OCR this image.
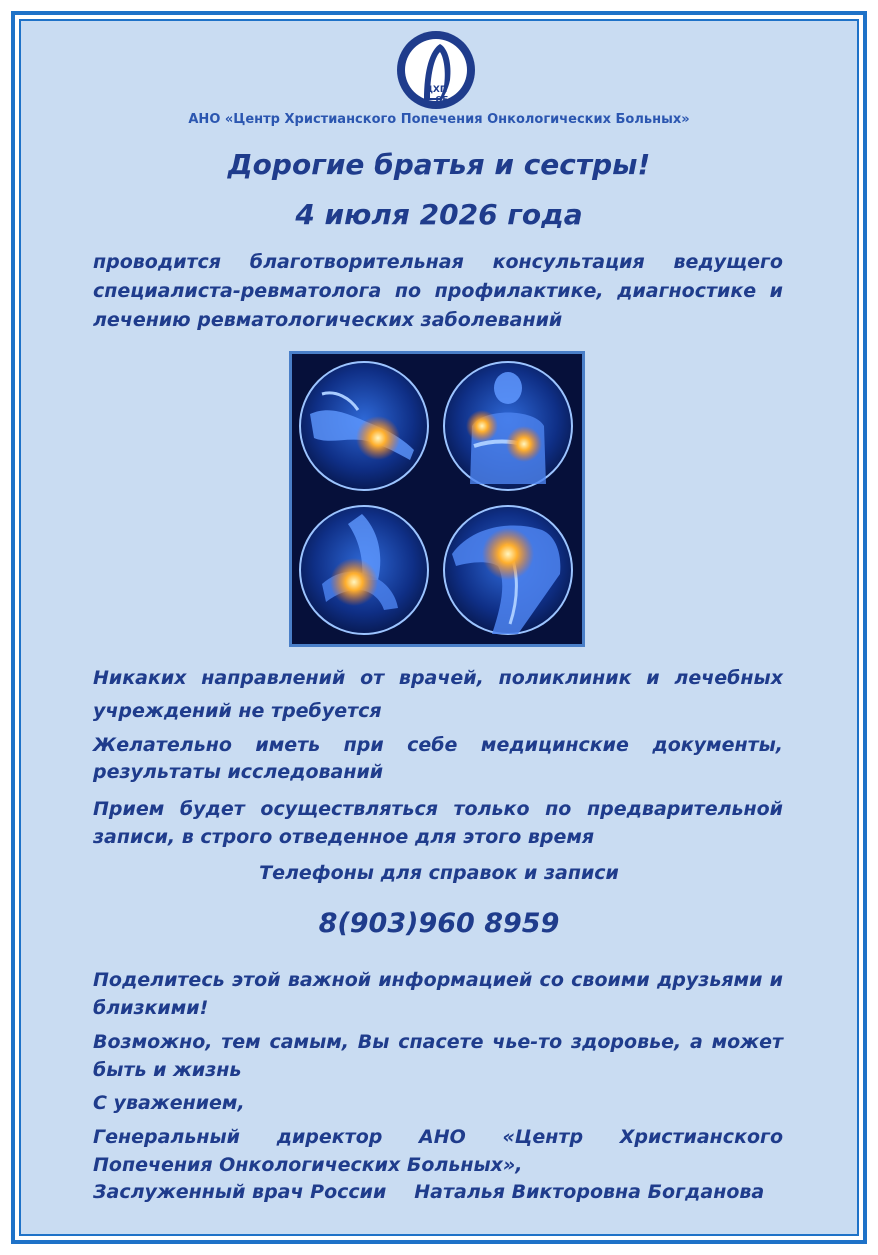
ЦХП
ОБ
АНО «Центр Христианского Попечения Онкологических Больных»
Дорогие братья и сестры!
4 июля 2026 года
проводится благотворительная консультация ведущего специалиста-ревматолога по профилактике, диагностике и лечению ревматологических заболеваний
Никаких направлений от врачей, поликлиник и лечебных учреждений не требуется
Желательно иметь при себе медицинские документы, результаты исследований
Прием будет осуществляться только по предварительной записи, в строго отведенное для этого время
Телефоны для справок и записи
8(903)960 8959
Поделитесь этой важной информацией со своими друзьями и близкими!
Возможно, тем самым, Вы спасете чье-то здоровье, а может быть и жизнь
С уважением,
Генеральный директор АНО «Центр Христианского Попечения Онкологических Больных»,
Заслуженный врач России Наталья Викторовна Богданова
